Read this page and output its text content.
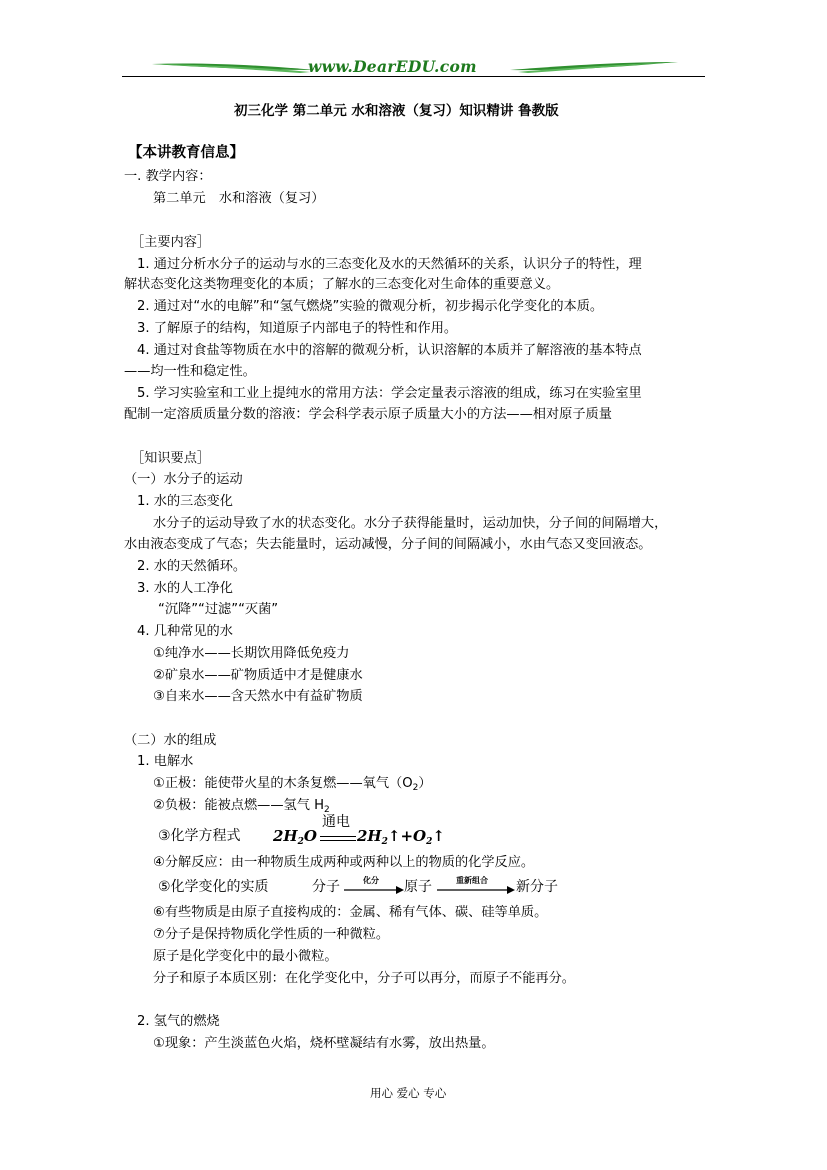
www.DearEDU.com
初三化学 第二单元 水和溶液（复习）知识精讲 鲁教版
【本讲教育信息】
一. 教学内容：
第二单元　水和溶液（复习）
［主要内容］
1. 通过分析水分子的运动与水的三态变化及水的天然循环的关系，认识分子的特性，理
解状态变化这类物理变化的本质；了解水的三态变化对生命体的重要意义。
2. 通过对“水的电解”和“氢气燃烧”实验的微观分析，初步揭示化学变化的本质。
3. 了解原子的结构，知道原子内部电子的特性和作用。
4. 通过对食盐等物质在水中的溶解的微观分析，认识溶解的本质并了解溶液的基本特点
——均一性和稳定性。
5. 学习实验室和工业上提纯水的常用方法：学会定量表示溶液的组成，练习在实验室里
配制一定溶质质量分数的溶液：学会科学表示原子质量大小的方法——相对原子质量
［知识要点］
（一）水分子的运动
1. 水的三态变化
水分子的运动导致了水的状态变化。水分子获得能量时，运动加快，分子间的间隔增大，
水由液态变成了气态；失去能量时，运动减慢，分子间的间隔减小，水由气态又变回液态。
2. 水的天然循环。
3. 水的人工净化
“沉降”“过滤”“灭菌”
4. 几种常见的水
①纯净水——长期饮用降低免疫力
②矿泉水——矿物质适中才是健康水
③自来水——含天然水中有益矿物质
（二）水的组成
1. 电解水
①正极：能使带火星的木条复燃——氧气$(O_2)$
②负极：能被点燃——氢气 $H_2$
③化学方程式 $2H_2O$
通电
$2H_2↑+O_2↑$
④分解反应：由一种物质生成两种或两种以上的物质的化学反应。
⑤化学变化的实质	分子	化分 原子	重新组合 新分子
⑥有些物质是由原子直接构成的：金属、稀有气体、碳、硅等单质。
⑦分子是保持物质化学性质的一种微粒。
原子是化学变化中的最小微粒。
分子和原子本质区别：在化学变化中，分子可以再分，而原子不能再分。
2. 氢气的燃烧
①现象：产生淡蓝色火焰，烧杯壁凝结有水雾，放出热量。
用心 爱心 专心
